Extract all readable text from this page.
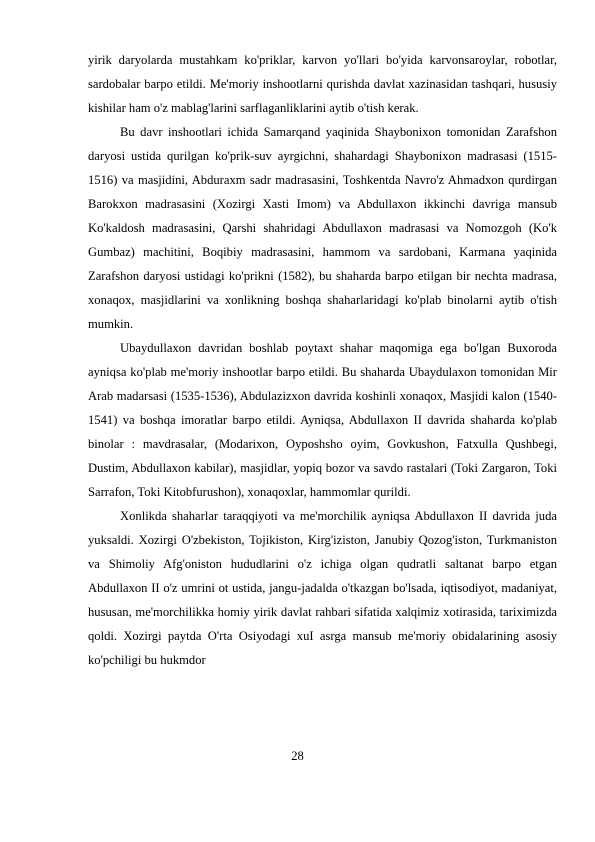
yirik daryolarda mustahkam ko'priklar, karvon yo'llari bo'yida karvonsaroylar, robotlar, sardobalar barpo etildi. Me'moriy inshootlarni qurishda davlat xazinasidan tashqari, hususiy kishilar ham o'z mablag'larini sarflaganliklarini aytib o'tish kerak.

Bu davr inshootlari ichida Samarqand yaqinida Shaybonixon tomonidan Zarafshon daryosi ustida qurilgan ko'prik-suv ayrgichni, shahardagi Shaybonixon madrasasi (1515-1516) va masjidini, Abduraxm sadr madrasasini, Toshkentda Navro'z Ahmadxon qurdirgan Barokxon madrasasini (Xozirgi Xasti Imom) va Abdullaxon ikkinchi davriga mansub Ko'kaldosh madrasasini, Qarshi shahridagi Abdullaxon madrasasi va Nomozgoh (Ko'k Gumbaz) machitini, Boqibiy madrasasini, hammom va sardobani, Karmana yaqinida Zarafshon daryosi ustidagi ko'prikni (1582), bu shaharda barpo etilgan bir nechta madrasa, xonaqox, masjidlarini va xonlikning boshqa shaharlaridagi ko'plab binolarni aytib o'tish mumkin.

Ubaydullaxon davridan boshlab poytaxt shahar maqomiga ega bo'lgan Buxoroda ayniqsa ko'plab me'moriy inshootlar barpo etildi. Bu shaharda Ubaydulaxon tomonidan Mir Arab madarsasi (1535-1536), Abdulazizxon davrida koshinli xonaqox, Masjidi kalon (1540-1541) va boshqa imoratlar barpo etildi. Ayniqsa, Abdullaxon II davrida shaharda ko'plab binolar : mavdrasalar, (Modarixon, Oyposhsho oyim, Govkushon, Fatxulla Qushbegi, Dustim, Abdullaxon kabilar), masjidlar, yopiq bozor va savdo rastalari (Toki Zargaron, Toki Sarrafon, Toki Kitobfurushon), xonaqoxlar, hammomlar qurildi.

Xonlikda shaharlar taraqqiyoti va me'morchilik ayniqsa Abdullaxon II davrida juda yuksaldi. Xozirgi O'zbekiston, Tojikiston, Kirg'iziston, Janubiy Qozog'iston, Turkmaniston va Shimoliy Afg'oniston hududlarini o'z ichiga olgan qudratli saltanat barpo etgan Abdullaxon II o'z umrini ot ustida, jangu-jadalda o'tkazgan bo'lsada, iqtisodiyot, madaniyat, hususan, me'morchilikka homiy yirik davlat rahbari sifatida xalqimiz xotirasida, tariximizda qoldi. Xozirgi paytda O'rta Osiyodagi xuI asrga mansub me'moriy obidalarining asosiy ko'pchiligi bu hukmdor

28
